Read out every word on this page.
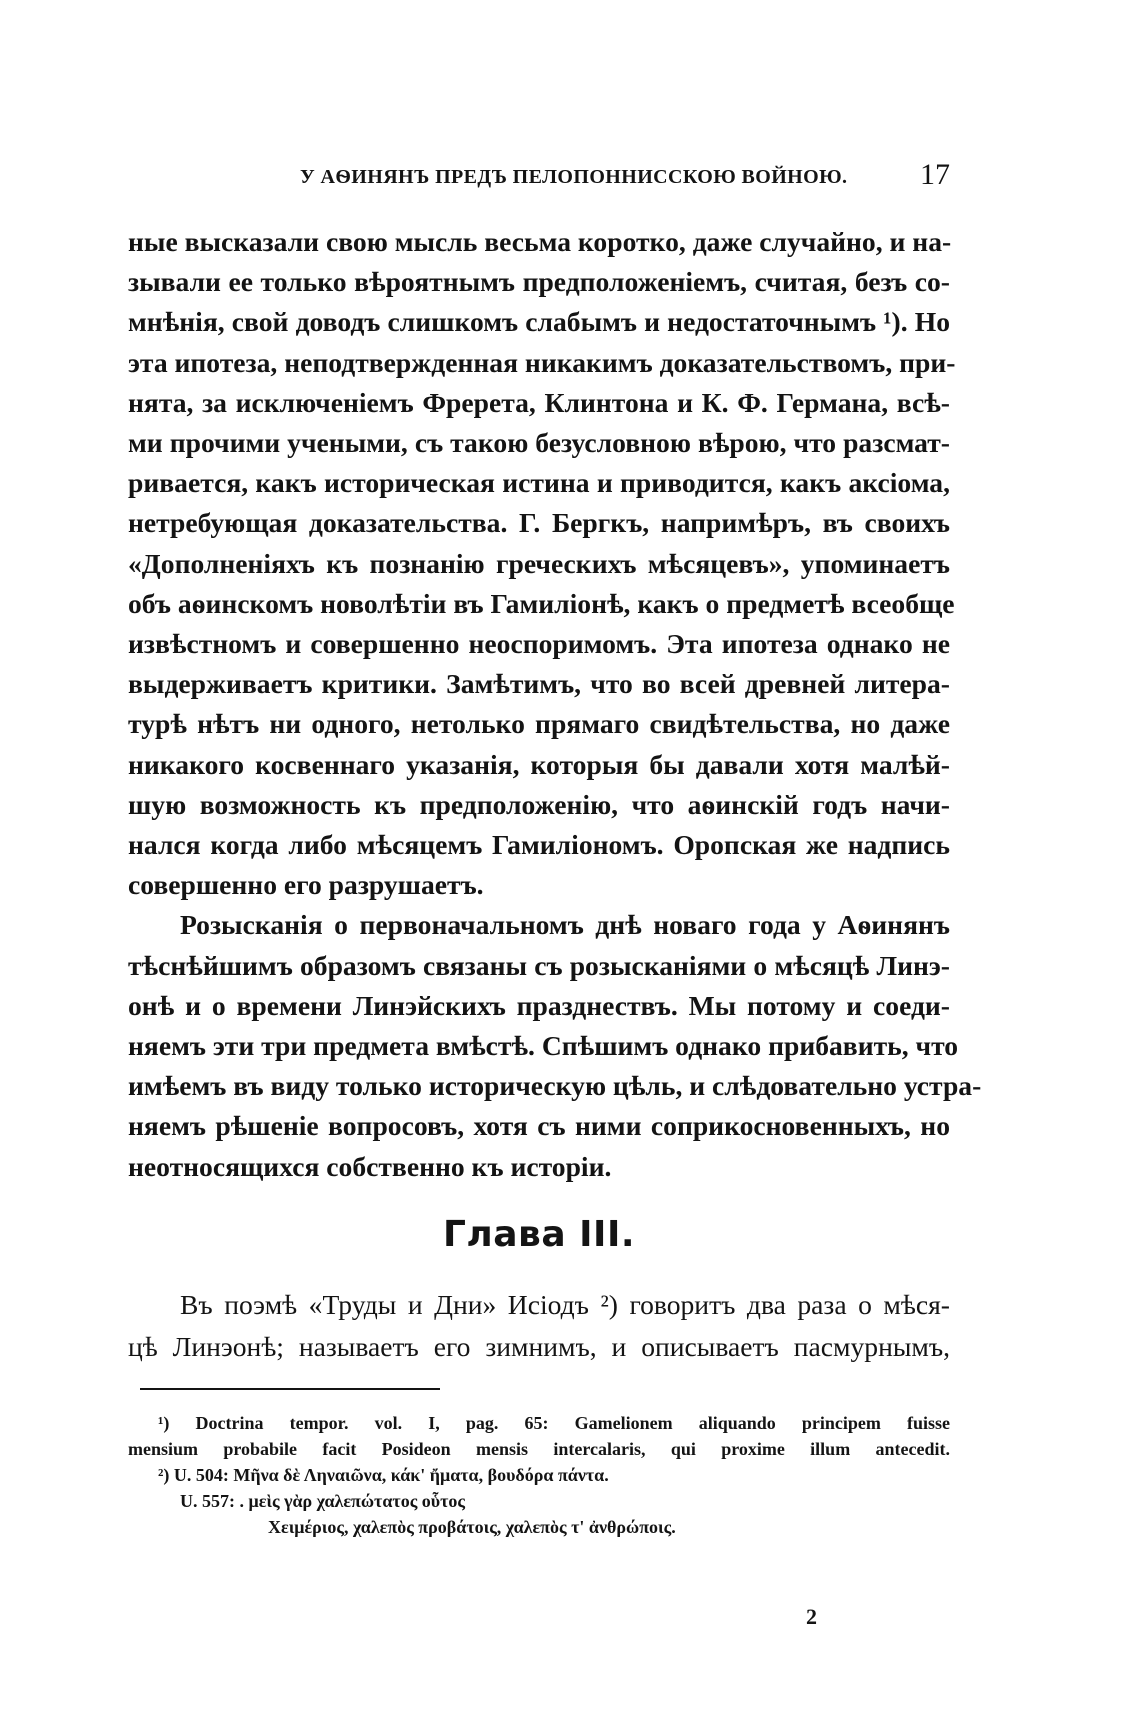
У АѲИНЯНЪ ПРЕДЪ ПЕЛОПОННИССКОЮ ВОЙНОЮ. 17
ные высказали свою мысль весьма коротко, даже случайно, и на-
зывали ее только вѣроятнымъ предположеніемъ, считая, безъ со-
мнѣнія, свой доводъ слишкомъ слабымъ и недостаточнымъ ¹). Но
эта ипотеза, неподтвержденная никакимъ доказательствомъ, при-
нята, за исключеніемъ Фререта, Клинтона и К. Ф. Германа, всѣ-
ми прочими учеными, съ такою безусловною вѣрою, что разсмат-
ривается, какъ историческая истина и приводится, какъ аксіома,
нетребующая доказательства. Г. Бергкъ, напримѣръ, въ своихъ
«Дополненіяхъ къ познанію греческихъ мѣсяцевъ», упоминаетъ
объ аѳинскомъ новолѣтіи въ Гамиліонѣ, какъ о предметѣ всеобще
извѣстномъ и совершенно неоспоримомъ. Эта ипотеза однако не
выдерживаетъ критики. Замѣтимъ, что во всей древней литера-
турѣ нѣтъ ни одного, нетолько прямаго свидѣтельства, но даже
никакого косвеннаго указанія, которыя бы давали хотя малѣй-
шую возможность къ предположенію, что аѳинскій годъ начи-
нался когда либо мѣсяцемъ Гамиліономъ. Оропская же надпись
совершенно его разрушаетъ.
Розысканія о первоначальномъ днѣ новаго года у Аѳинянъ
тѣснѣйшимъ образомъ связаны съ розысканіями о мѣсяцѣ Линэ-
онѣ и о времени Линэйскихъ празднествъ. Мы потому и соеди-
няемъ эти три предмета вмѣстѣ. Спѣшимъ однако прибавить, что
имѣемъ въ виду только историческую цѣль, и слѣдовательно устра-
няемъ рѣшеніе вопросовъ, хотя съ ними соприкосновенныхъ, но
неотносящихся собственно къ исторіи.
Глава III.
Въ поэмѣ «Труды и Дни» Исіодъ ²) говоритъ два раза о мѣся-
цѣ Линэонѣ; называетъ его зимнимъ, и описываетъ пасмурнымъ,
¹) Doctrina tempor. vol. I, pag. 65: Gamelionem aliquando principem fuisse
mensium probabile facit Posideon mensis intercalaris, qui proxime illum antecedit.
²) U. 504: Μῆνα δὲ Ληναιῶνα, κάκ' ἤματα, βουδόρα πάντα.
U. 557: . μεὶς γὰρ χαλεπώτατος οὗτος
Χειμέριος, χαλεπὸς προβάτοις, χαλεπὸς τ' ἀνθρώποις.
2
